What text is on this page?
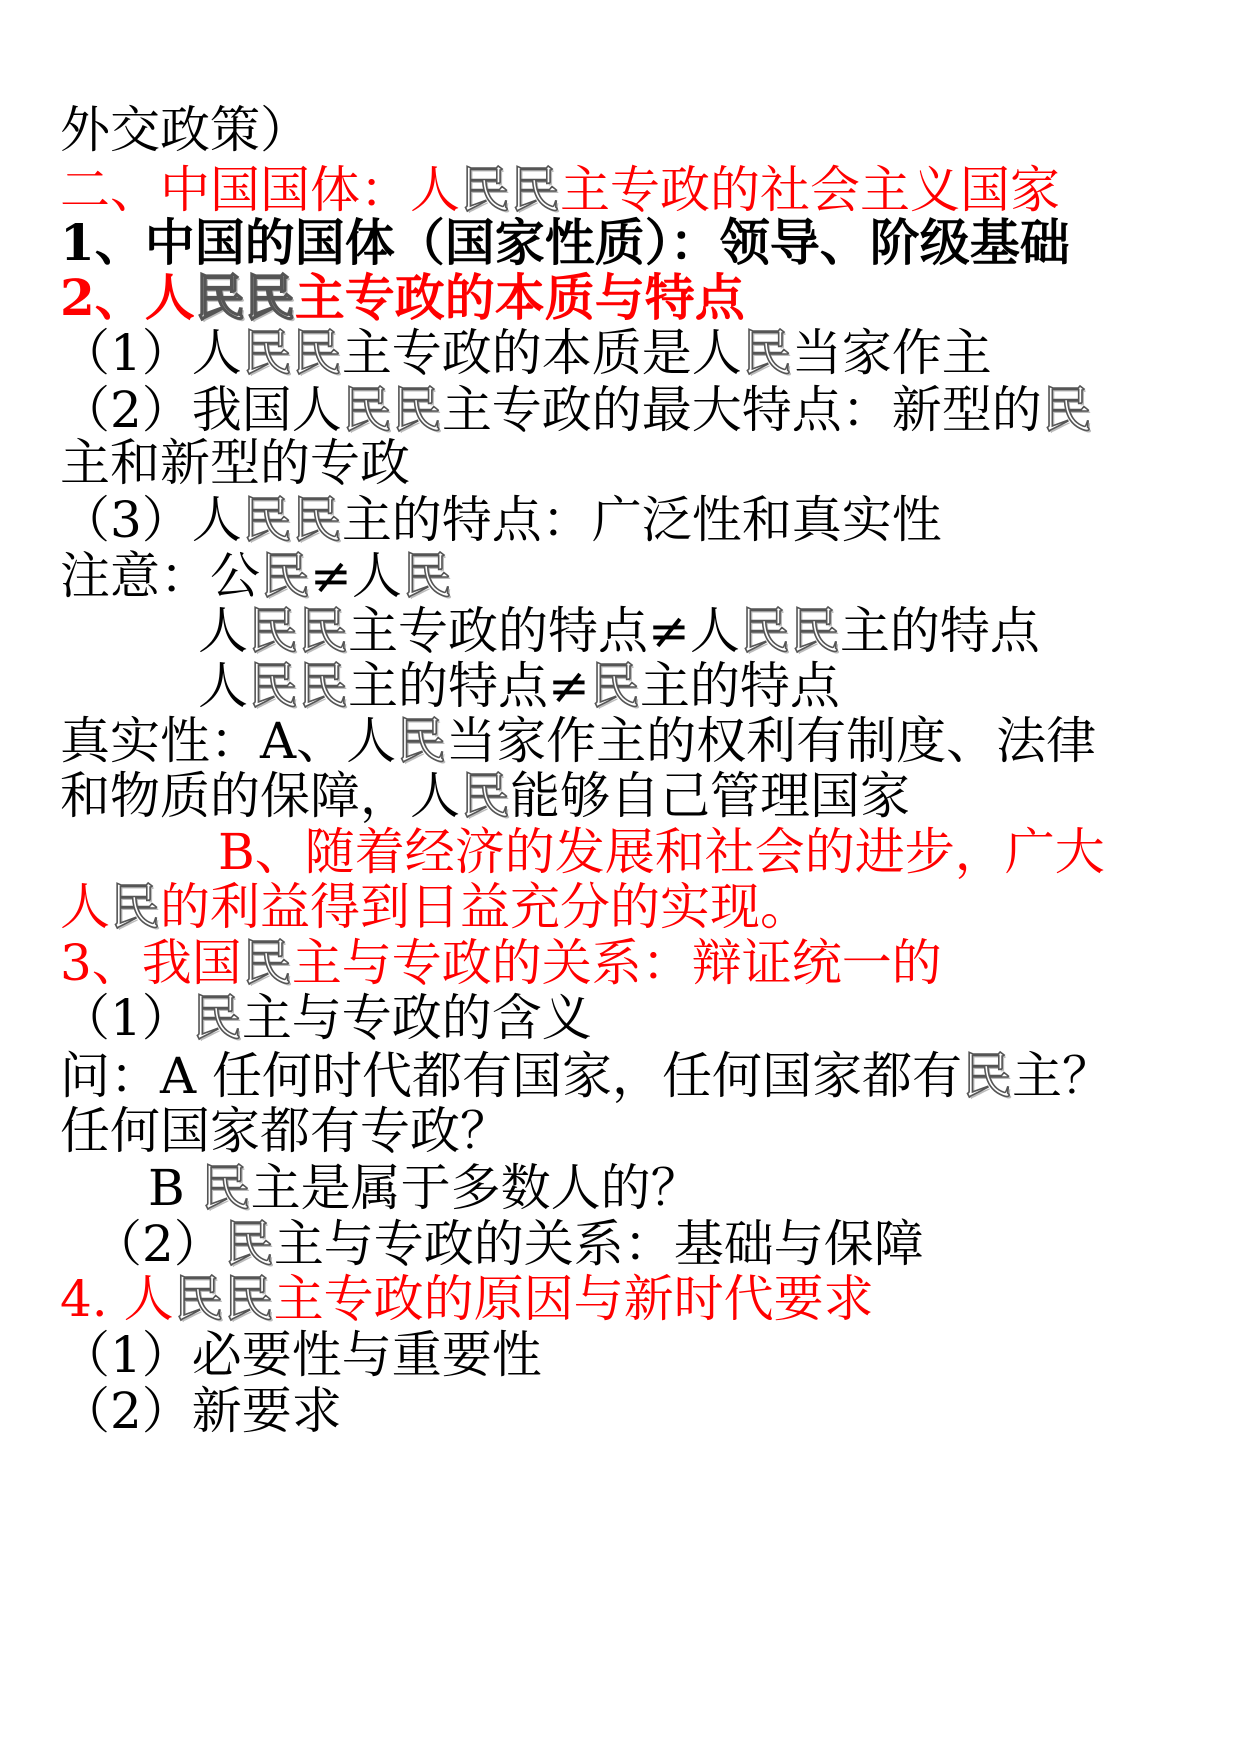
外交政策）
二、中国国体：人民民主专政的社会主义国家
1、中国的国体（国家性质）：领导、阶级基础
2、人民民主专政的本质与特点
（1）人民民主专政的本质是人民当家作主
（2）我国人民民主专政的最大特点：新型的民
主和新型的专政
（3）人民民主的特点：广泛性和真实性
注意：公民≠人民
人民民主专政的特点≠人民民主的特点
人民民主的特点≠民主的特点
真实性：A、人民当家作主的权利有制度、法律
和物质的保障，人民能够自己管理国家
B、随着经济的发展和社会的进步，广大
人民的利益得到日益充分的实现。
3、我国民主与专政的关系：辩证统一的
（1）民主与专政的含义
问：A 任何时代都有国家，任何国家都有民主？
任何国家都有专政？
B 民主是属于多数人的？
（2）民主与专政的关系：基础与保障
4. 人民民主专政的原因与新时代要求
（1）必要性与重要性
（2）新要求
